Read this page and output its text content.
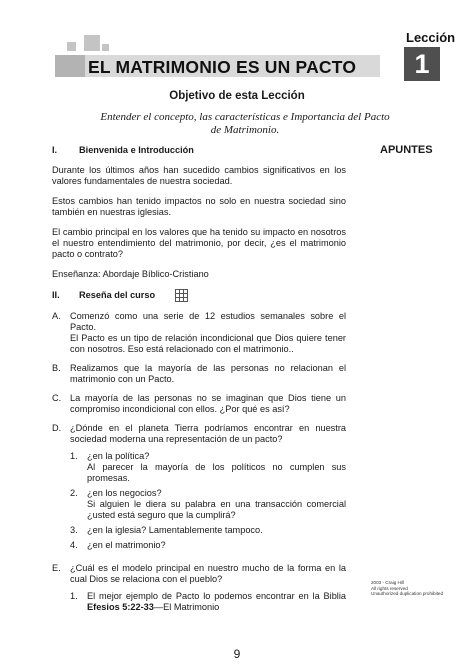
EL MATRIMONIO ES UN PACTO
Lección
1
Objetivo de esta Lección
Entender el concepto, las características e Importancia del Pacto de Matrimonio.
APUNTES
I.	Bienvenida e Introducción

Durante los últimos años han sucedido cambios significativos en los valores fundamentales de nuestra sociedad.

Estos cambios han tenido impactos no solo en nuestra sociedad sino también en nuestras iglesias.

El cambio principal en los valores que ha tenido su impacto en nosotros el nuestro entendimiento del matrimonio, por decir, ¿es el matrimonio pacto o contrato?

Enseñanza: Abordaje Bíblico-Cristiano

II.	Reseña del curso
A.	Comenzó como una serie de 12 estudios semanales sobre el Pacto.
El Pacto es un tipo de relación incondicional que Dios quiere tener con nosotros. Eso está relacionado con el matrimonio..
B.	Realizamos que la mayoría de las personas no relacionan el matrimonio con un Pacto.
C. La mayoría de las personas no se imaginan que Dios tiene un compromiso incondicional con ellos. ¿Por qué es así?
D. ¿Dónde en el planeta Tierra podríamos encontrar en nuestra sociedad moderna una representación de un pacto?
1.	¿en la política?
Al parecer la mayoría de los políticos no cumplen sus promesas.
2.	¿en los negocios?
Si alguien le diera su palabra en una transacción comercial ¿usted está seguro que la cumplirá?
3.	¿en la iglesia? Lamentablemente tampoco.
4.	¿en el matrimonio?
E.	¿Cuál es el modelo principal en nuestro mucho de la forma en la cual Dios se relaciona con el pueblo?
1.	El mejor ejemplo de Pacto lo podemos encontrar en la Biblia Efesios 5:22-33—El Matrimonio
2003 - Craig Hill
All rights reserved
Unauthorized duplication prohibited
9
